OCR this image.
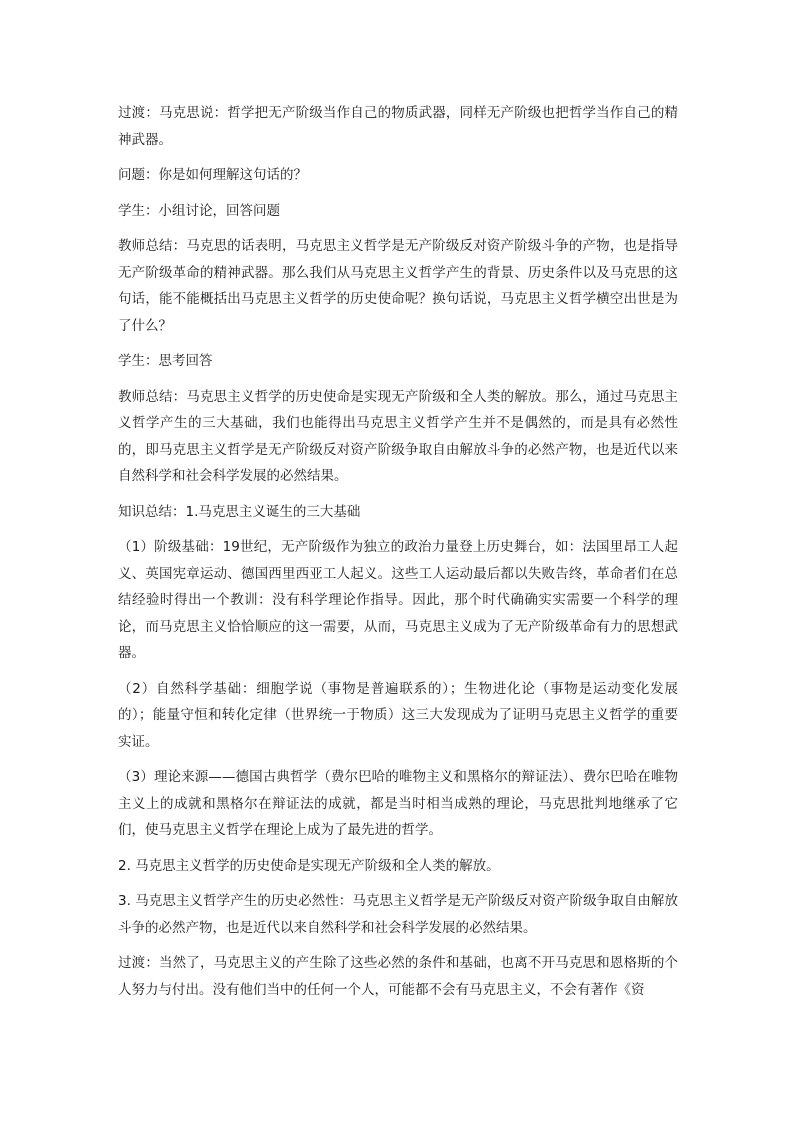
过渡：马克思说：哲学把无产阶级当作自己的物质武器，同样无产阶级也把哲学当作自己的精神武器。

问题：你是如何理解这句话的？

学生：小组讨论，回答问题

教师总结：马克思的话表明，马克思主义哲学是无产阶级反对资产阶级斗争的产物，也是指导无产阶级革命的精神武器。那么我们从马克思主义哲学产生的背景、历史条件以及马克思的这句话，能不能概括出马克思主义哲学的历史使命呢？换句话说，马克思主义哲学横空出世是为了什么？

学生：思考回答

教师总结：马克思主义哲学的历史使命是实现无产阶级和全人类的解放。那么，通过马克思主义哲学产生的三大基础，我们也能得出马克思主义哲学产生并不是偶然的，而是具有必然性的，即马克思主义哲学是无产阶级反对资产阶级争取自由解放斗争的必然产物，也是近代以来自然科学和社会科学发展的必然结果。

知识总结：1.马克思主义诞生的三大基础

（1）阶级基础：19世纪，无产阶级作为独立的政治力量登上历史舞台，如：法国里昂工人起义、英国宪章运动、德国西里西亚工人起义。这些工人运动最后都以失败告终，革命者们在总结经验时得出一个教训：没有科学理论作指导。因此，那个时代确确实实需要一个科学的理论，而马克思主义恰恰顺应的这一需要，从而，马克思主义成为了无产阶级革命有力的思想武器。

（2）自然科学基础：细胞学说（事物是普遍联系的）；生物进化论（事物是运动变化发展的）；能量守恒和转化定律（世界统一于物质）这三大发现成为了证明马克思主义哲学的重要实证。

（3）理论来源——德国古典哲学（费尔巴哈的唯物主义和黑格尔的辩证法）、费尔巴哈在唯物主义上的成就和黑格尔在辩证法的成就，都是当时相当成熟的理论，马克思批判地继承了它们，使马克思主义哲学在理论上成为了最先进的哲学。

2. 马克思主义哲学的历史使命是实现无产阶级和全人类的解放。

3. 马克思主义哲学产生的历史必然性：马克思主义哲学是无产阶级反对资产阶级争取自由解放斗争的必然产物，也是近代以来自然科学和社会科学发展的必然结果。

过渡：当然了，马克思主义的产生除了这些必然的条件和基础，也离不开马克思和恩格斯的个人努力与付出。没有他们当中的任何一个人，可能都不会有马克思主义，不会有著作《资
